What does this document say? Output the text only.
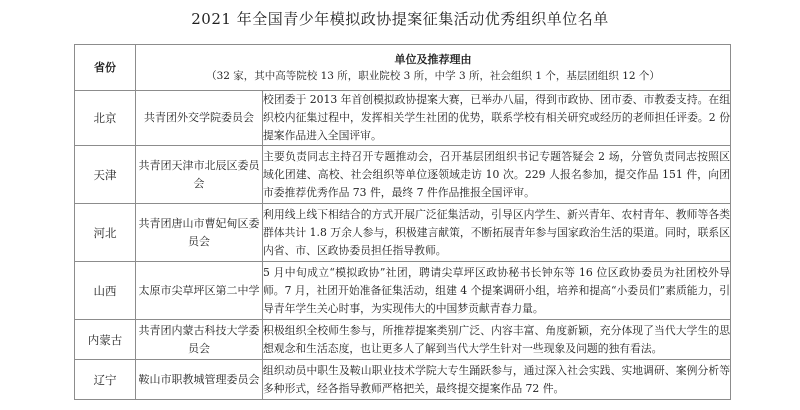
2021 年全国青少年模拟政协提案征集活动优秀组织单位名单
省份	单位及推荐理由
（32 家，其中高等院校 13 所，职业院校 3 所，中学 3 所，社会组织 1 个，基层团组织 12 个）	

北京	共青团外交学院委员会	校团委于 2013 年首创模拟政协提案大赛，已举办八届，得到市政协、团市委、市教委支持。在组织校内征集过程中，发挥相关学生社团的优势，联系学校有相关研究或经历的老师担任评委。2 份提案作品进入全国评审。
天津	共青团天津市北辰区委员会	主要负责同志主持召开专题推动会，召开基层团组织书记专题答疑会 2 场，分管负责同志按照区域化团建、高校、社会组织等单位逐领域走访 10 次。229 人报名参加，提交作品 151 件，向团市委推荐优秀作品 73 件，最终 7 件作品推报全国评审。
河北	共青团唐山市曹妃甸区委员会	利用线上线下相结合的方式开展广泛征集活动，引导区内学生、新兴青年、农村青年、教师等各类群体共计 1.8 万余人参与，积极建言献策，不断拓展青年参与国家政治生活的渠道。同时，联系区内省、市、区政协委员担任指导教师。
山西	太原市尖草坪区第二中学	5 月中旬成立“模拟政协”社团，聘请尖草坪区政协秘书长钟东等 16 位区政协委员为社团校外导师。7 月，社团开始准备征集活动，组建 4 个提案调研小组，培养和提高“小委员们”素质能力，引导青年学生关心时事，为实现伟大的中国梦贡献青春力量。
内蒙古	共青团内蒙古科技大学委员会	积极组织全校师生参与，所推荐提案类别广泛、内容丰富、角度新颖，充分体现了当代大学生的思想观念和生活态度，也让更多人了解到当代大学生针对一些现象及问题的独有看法。
辽宁	鞍山市职教城管理委员会	组织动员中职生及鞍山职业技术学院大专生踊跃参与，通过深入社会实践、实地调研、案例分析等多种形式，经各指导教师严格把关，最终提交提案作品 72 件。
